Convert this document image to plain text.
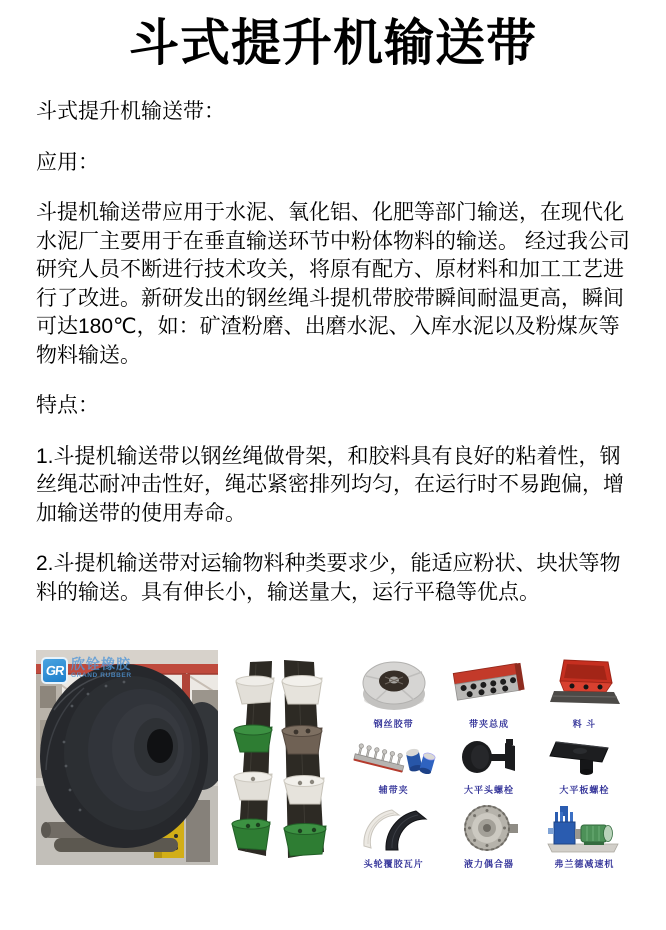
斗式提升机输送带

斗式提升机输送带：

应用：

斗提机输送带应用于水泥、氧化铝、化肥等部门输送，在现代化水泥厂主要用于在垂直输送环节中粉体物料的输送。 经过我公司研究人员不断进行技术攻关，将原有配方、原材料和加工工艺进行了改进。新研发出的钢丝绳斗提机带胶带瞬间耐温更高，瞬间可达180℃，如：矿渣粉磨、出磨水泥、入库水泥以及粉煤灰等物料输送。

特点：

1.斗提机输送带以钢丝绳做骨架，和胶料具有良好的粘着性，钢丝绳芯耐冲击性好，绳芯紧密排列均匀，在运行时不易跑偏，增加输送带的使用寿命。

2.斗提机输送带对运输物料种类要求少，能适应粉状、块状等物料的输送。具有伸长小，输送量大，运行平稳等优点。

GR 欣铨橡胶
GRAND RUBBER
钢丝胶带	带夹总成	料 斗
辅带夹	大平头螺栓	大平板螺栓
头轮覆胶瓦片	液力偶合器	弗兰德减速机
